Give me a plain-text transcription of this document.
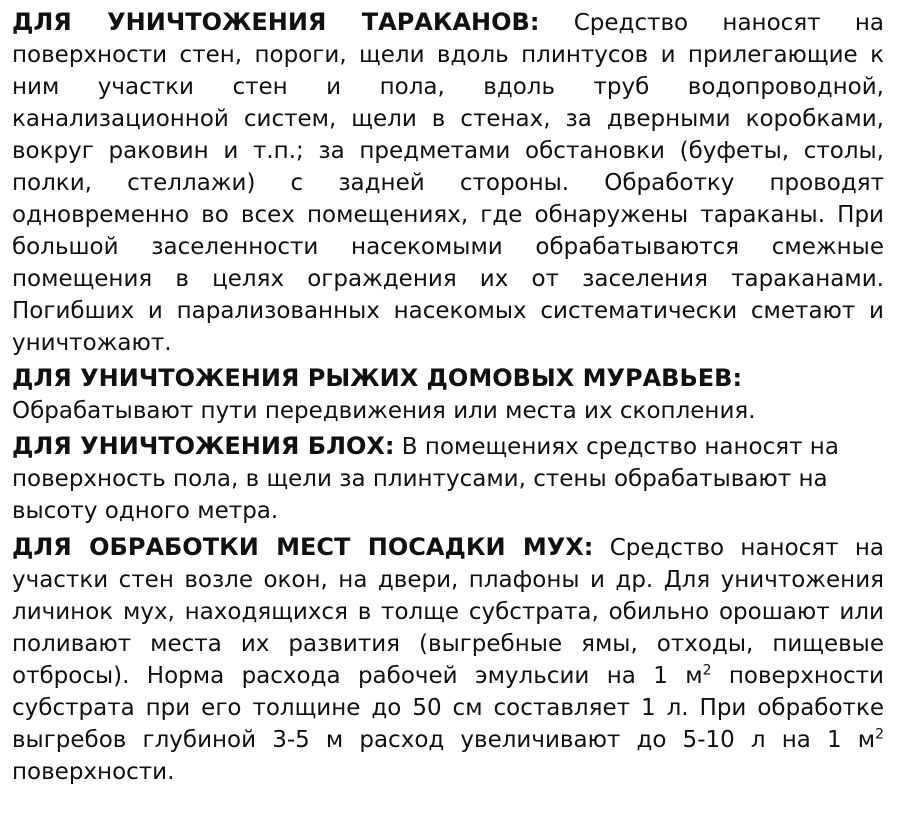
ДЛЯ УНИЧТОЖЕНИЯ ТАРАКАНОВ: Средство наносят на поверхности стен, пороги, щели вдоль плинтусов и прилегающие к ним участки стен и пола, вдоль труб водопроводной, канализационной систем, щели в стенах, за дверными коробками, вокруг раковин и т.п.; за предметами обстановки (буфеты, столы, полки, стеллажи) с задней стороны. Обработку проводят одновременно во всех помещениях, где обнаружены тараканы. При большой заселенности насекомыми обрабатываются смежные помещения в целях ограждения их от заселения тараканами. Погибших и парализованных насекомых систематически сметают и уничтожают.

ДЛЯ УНИЧТОЖЕНИЯ РЫЖИХ ДОМОВЫХ МУРАВЬЕВ:
Обрабатывают пути передвижения или места их скопления.

ДЛЯ УНИЧТОЖЕНИЯ БЛОХ: В помещениях средство наносят на поверхность пола, в щели за плинтусами, стены обрабатывают на высоту одного метра.

ДЛЯ ОБРАБОТКИ МЕСТ ПОСАДКИ МУХ: Средство наносят на участки стен возле окон, на двери, плафоны и др. Для уничтожения личинок мух, находящихся в толще субстрата, обильно орошают или поливают места их развития (выгребные ямы, отходы, пищевые отбросы). Норма расхода рабочей эмульсии на 1 $м^2$ поверхности субстрата при его толщине до 50 см составляет 1 л. При обработке выгребов глубиной 3-5 м расход увеличивают до 5-10 л на 1 $м^2$ поверхности.
